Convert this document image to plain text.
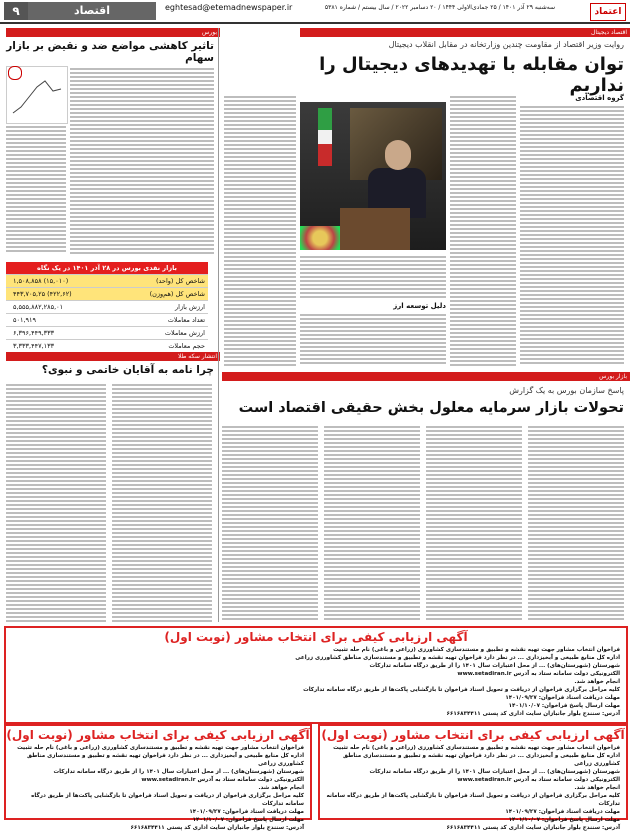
۹	اقتصاد	eghtesad@etemadnewspaper.ir	سه‌شنبه ۲۹ آذر ۱۴۰۱ / ۲۵ جمادی‌الاولی ۱۴۴۴ / ۲۰ دسامبر ۲۰۲۲ / سال بیستم / شماره ۵۳۸۱	اعتماد
اقتصاد دیجیتال
روایت وزیر اقتصاد از مقاومت چندین وزارتخانه در مقابل انقلاب دیجیتال
توان مقابله با تهدیدهای دیجیتال را نداریم
گروه اقتصادی
دلیل توسعه ارز
بورس
تاثیر کاهشی مواضع ضد و نقیض بر بازار سهام
بازار نقدی بورس در ۲۸ آذر ۱۴۰۱ در یک نگاه
شاخص کل (واحد)
۱,۵۰۸,۸۵۸ (۱۵,۰۱۰)
شاخص کل (هم‌وزن)
۴۴۳,۷۰۵,۲۵ (۴۲۲,۶۲)
ارزش بازار
۵,۵۵۵,۸۸۲,۲۸۵,۰۱
تعداد معاملات
۵۰۱,۹۱۹
ارزش معاملات
۶,۳۹۶,۴۴۹,۳۳۳
حجم معاملات
۳,۳۳۳,۴۴۷,۱۳۳
انتشار سکه طلا
چرا نامه به آقایان خاتمی و نبوی؟
بازار بورس
پاسخ سازمان بورس به یک گزارش
تحولات بازار سرمایه معلول بخش حقیقی اقتصاد است
آگهی ارزیابی کیفی برای انتخاب مشاور (نوبت اول)
فراخوان انتخاب مشاور جهت تهیه نقشه و تطبیق و مستندسازی کشاورزی (زراعی و باغی) نام حله تثبیت
اداره کل منابع طبیعی و آبخیزداری ... در نظر دارد فراخوان تهیه نقشه و تطبیق و مستندسازی مناطق کشاورزی زراعی
شهرستان (شهرستان‌های) ... از محل اعتبارات سال ۱۴۰۱ را از طریق درگاه سامانه تدارکات
الکترونیکی دولت سامانه ستاد به آدرس www.setadiran.ir
انجام خواهد شد.
کلیه مراحل برگزاری فراخوان از دریافت و تحویل اسناد فراخوان تا بازگشایی پاکت‌ها از طریق درگاه سامانه تدارکات
مهلت دریافت اسناد فراخوان: ۱۴۰۱/۰۹/۲۷
مهلت ارسال پاسخ فراخوان: ۱۴۰۱/۱۰/۰۷
آدرس: سنندج بلوار جانبازان سایت اداری کد پستی ۶۶۱۶۸۳۴۴۱۱
آگهی ارزیابی کیفی برای انتخاب مشاور (نوبت اول)
فراخوان انتخاب مشاور جهت تهیه نقشه و تطبیق و مستندسازی کشاورزی (زراعی و باغی) نام حله تثبیت
اداره کل منابع طبیعی و آبخیزداری ... در نظر دارد فراخوان تهیه نقشه و تطبیق و مستندسازی مناطق کشاورزی زراعی
شهرستان (شهرستان‌های) ... از محل اعتبارات سال ۱۴۰۱ را از طریق درگاه سامانه تدارکات
الکترونیکی دولت سامانه ستاد به آدرس www.setadiran.ir
انجام خواهد شد.
کلیه مراحل برگزاری فراخوان از دریافت و تحویل اسناد فراخوان تا بازگشایی پاکت‌ها از طریق درگاه سامانه تدارکات
مهلت دریافت اسناد فراخوان: ۱۴۰۱/۰۹/۲۷
مهلت ارسال پاسخ فراخوان: ۱۴۰۱/۱۰/۰۷
آدرس: سنندج بلوار جانبازان سایت اداری کد پستی ۶۶۱۶۸۳۴۴۱۱
آگهی ارزیابی کیفی برای انتخاب مشاور (نوبت اول)
فراخوان انتخاب مشاور جهت تهیه نقشه و تطبیق و مستندسازی کشاورزی (زراعی و باغی) نام حله تثبیت
اداره کل منابع طبیعی و آبخیزداری ... در نظر دارد فراخوان تهیه نقشه و تطبیق و مستندسازی مناطق کشاورزی زراعی
شهرستان (شهرستان‌های) ... از محل اعتبارات سال ۱۴۰۱ را از طریق درگاه سامانه تدارکات
الکترونیکی دولت سامانه ستاد به آدرس www.setadiran.ir
انجام خواهد شد.
کلیه مراحل برگزاری فراخوان از دریافت و تحویل اسناد فراخوان تا بازگشایی پاکت‌ها از طریق درگاه سامانه تدارکات
مهلت دریافت اسناد فراخوان: ۱۴۰۱/۰۹/۲۷
مهلت ارسال پاسخ فراخوان: ۱۴۰۱/۱۰/۰۷
آدرس: سنندج بلوار جانبازان سایت اداری کد پستی ۶۶۱۶۸۳۴۴۱۱
